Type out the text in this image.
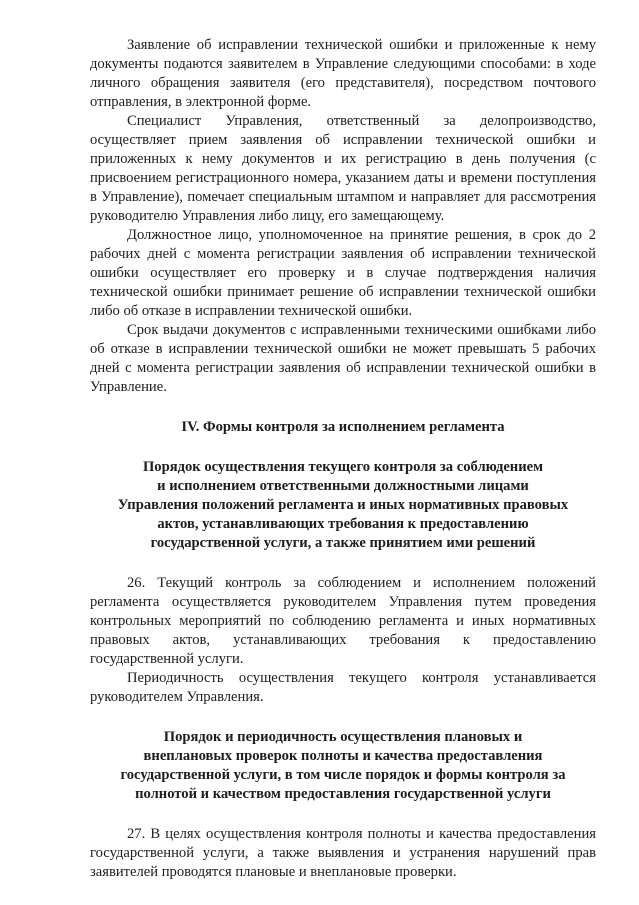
Заявление об исправлении технической ошибки и приложенные к нему документы подаются заявителем в Управление следующими способами: в ходе личного обращения заявителя (его представителя), посредством почтового отправления, в электронной форме.

Специалист Управления, ответственный за делопроизводство, осуществляет прием заявления об исправлении технической ошибки и приложенных к нему документов и их регистрацию в день получения (с присвоением регистрационного номера, указанием даты и времени поступления в Управление), помечает специальным штампом и направляет для рассмотрения руководителю Управления либо лицу, его замещающему.

Должностное лицо, уполномоченное на принятие решения, в срок до 2 рабочих дней с момента регистрации заявления об исправлении технической ошибки осуществляет его проверку и в случае подтверждения наличия технической ошибки принимает решение об исправлении технической ошибки либо об отказе в исправлении технической ошибки.

Срок выдачи документов с исправленными техническими ошибками либо об отказе в исправлении технической ошибки не может превышать 5 рабочих дней с момента регистрации заявления об исправлении технической ошибки в Управление.

IV. Формы контроля за исполнением регламента

Порядок осуществления текущего контроля за соблюдением
и исполнением ответственными должностными лицами
Управления положений регламента и иных нормативных правовых
актов, устанавливающих требования к предоставлению
государственной услуги, а также принятием ими решений

26. Текущий контроль за соблюдением и исполнением положений регламента осуществляется руководителем Управления путем проведения контрольных мероприятий по соблюдению регламента и иных нормативных правовых актов, устанавливающих требования к предоставлению государственной услуги.

Периодичность осуществления текущего контроля устанавливается руководителем Управления.

Порядок и периодичность осуществления плановых и
внеплановых проверок полноты и качества предоставления
государственной услуги, в том числе порядок и формы контроля за
полнотой и качеством предоставления государственной услуги

27. В целях осуществления контроля полноты и качества предоставления государственной услуги, а также выявления и устранения нарушений прав заявителей проводятся плановые и внеплановые проверки.
